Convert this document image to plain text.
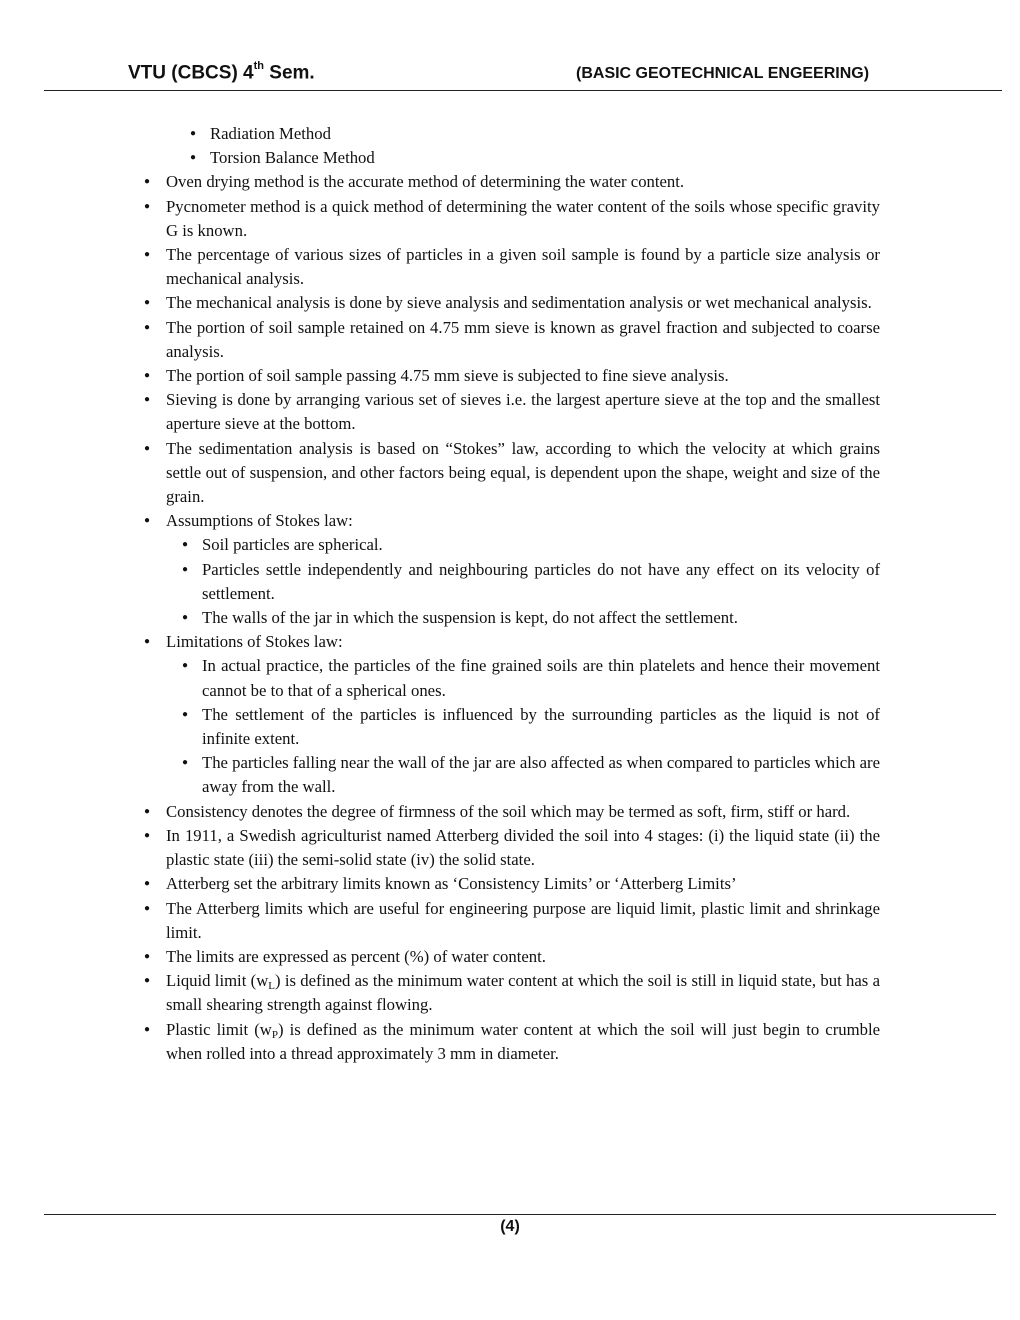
VTU (CBCS) 4th Sem.	(BASIC GEOTECHNICAL ENGEERING)
● Radiation Method
● Torsion Balance Method
● Oven drying method is the accurate method of determining the water content.
● Pycnometer method is a quick method of determining the water content of the soils whose specific gravity G is known.
● The percentage of various sizes of particles in a given soil sample is found by a particle size analysis or mechanical analysis.
● The mechanical analysis is done by sieve analysis and sedimentation analysis or wet mechanical analysis.
● The portion of soil sample retained on 4.75 mm sieve is known as gravel fraction and subjected to coarse analysis.
● The portion of soil sample passing 4.75 mm sieve is subjected to fine sieve analysis.
● Sieving is done by arranging various set of sieves i.e. the largest aperture sieve at the top and the smallest aperture sieve at the bottom.
● The sedimentation analysis is based on “Stokes” law, according to which the velocity at which grains settle out of suspension, and other factors being equal, is dependent upon the shape, weight and size of the grain.
● Assumptions of Stokes law:
● Soil particles are spherical.
● Particles settle independently and neighbouring particles do not have any effect on its velocity of settlement.
● The walls of the jar in which the suspension is kept, do not affect the settlement.
● Limitations of Stokes law:
● In actual practice, the particles of the fine grained soils are thin platelets and hence their movement cannot be to that of a spherical ones.
● The settlement of the particles is influenced by the surrounding particles as the liquid is not of infinite extent.
● The particles falling near the wall of the jar are also affected as when compared to particles which are away from the wall.
● Consistency denotes the degree of firmness of the soil which may be termed as soft, firm, stiff or hard.
● In 1911, a Swedish agriculturist named Atterberg divided the soil into 4 stages: (i) the liquid state (ii) the plastic state (iii) the semi-solid state (iv) the solid state.
● Atterberg set the arbitrary limits known as ‘Consistency Limits’ or ‘Atterberg Limits’
● The Atterberg limits which are useful for engineering purpose are liquid limit, plastic limit and shrinkage limit.
● The limits are expressed as percent (%) of water content.
● Liquid limit $(w_L)$ is defined as the minimum water content at which the soil is still in liquid state, but has a small shearing strength against flowing.
● Plastic limit $(w_P)$ is defined as the minimum water content at which the soil will just begin to crumble when rolled into a thread approximately 3 mm in diameter.
(4)
